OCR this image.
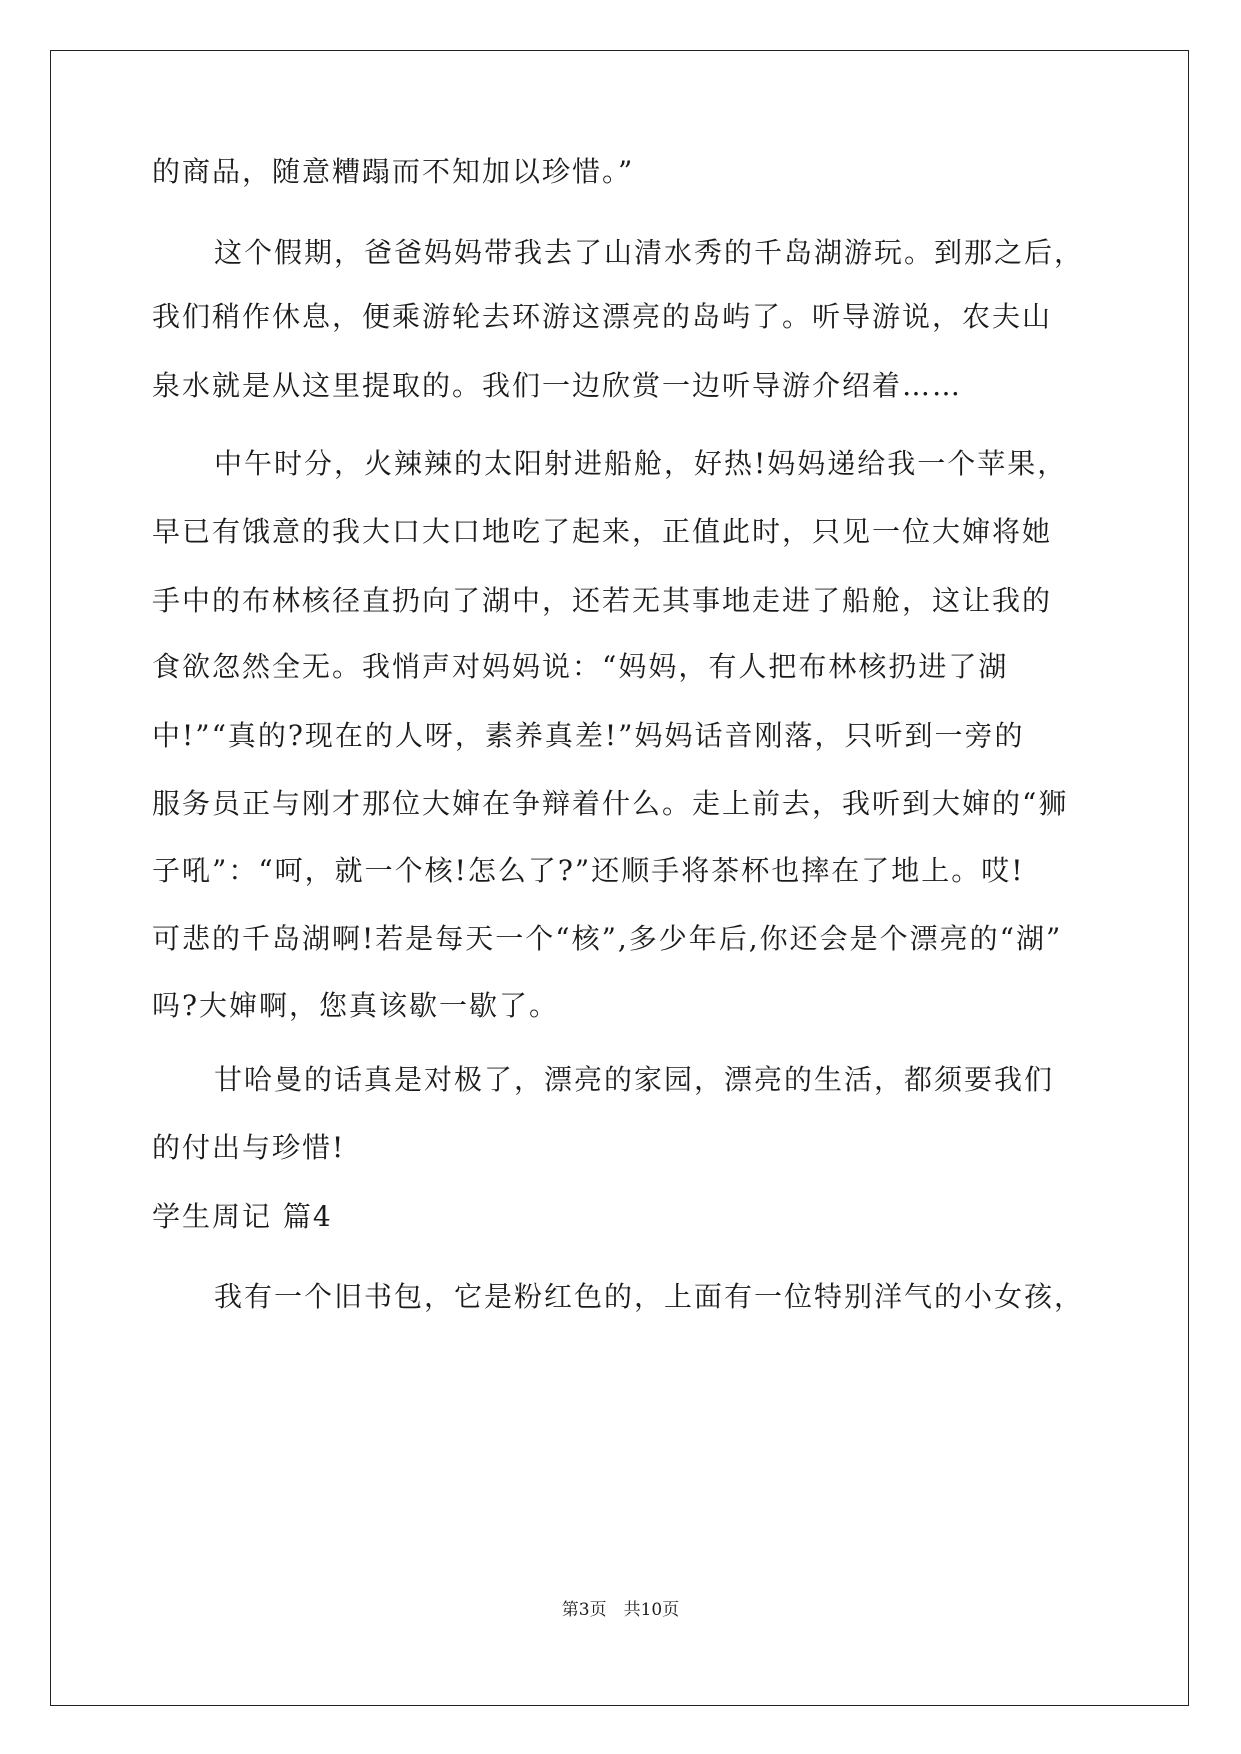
的商品，随意糟蹋而不知加以珍惜。”
这个假期，爸爸妈妈带我去了山清水秀的千岛湖游玩。到那之后，
我们稍作休息，便乘游轮去环游这漂亮的岛屿了。听导游说，农夫山
泉水就是从这里提取的。我们一边欣赏一边听导游介绍着……
中午时分，火辣辣的太阳射进船舱，好热!妈妈递给我一个苹果，
早已有饿意的我大口大口地吃了起来，正值此时，只见一位大婶将她
手中的布林核径直扔向了湖中，还若无其事地走进了船舱，这让我的
食欲忽然全无。我悄声对妈妈说：“妈妈，有人把布林核扔进了湖
中!”“真的?现在的人呀，素养真差!”妈妈话音刚落，只听到一旁的
服务员正与刚才那位大婶在争辩着什么。走上前去，我听到大婶的“狮
子吼”：“呵，就一个核!怎么了?”还顺手将茶杯也摔在了地上。哎!
可悲的千岛湖啊!若是每天一个“核”,多少年后,你还会是个漂亮的“湖”
吗?大婶啊，您真该歇一歇了。
甘哈曼的话真是对极了，漂亮的家园，漂亮的生活，都须要我们
的付出与珍惜!
学生周记 篇4
我有一个旧书包，它是粉红色的，上面有一位特别洋气的小女孩，
第3页　共10页
